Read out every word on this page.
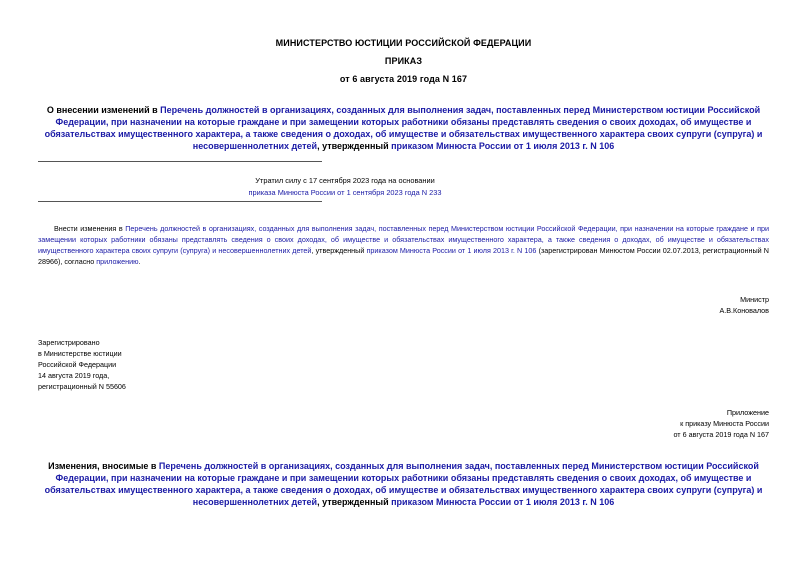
МИНИСТЕРСТВО ЮСТИЦИИ РОССИЙСКОЙ ФЕДЕРАЦИИ
ПРИКАЗ
от 6 августа 2019 года N 167
О внесении изменений в Перечень должностей в организациях, созданных для выполнения задач, поставленных перед Министерством юстиции Российской Федерации, при назначении на которые граждане и при замещении которых работники обязаны представлять сведения о своих доходах, об имуществе и обязательствах имущественного характера, а также сведения о доходах, об имуществе и обязательствах имущественного характера своих супруги (супруга) и несовершеннолетних детей, утвержденный приказом Минюста России от 1 июля 2013 г. N 106
Утратил силу с 17 сентября 2023 года на основании
приказа Минюста России от 1 сентября 2023 года N 233
Внести изменения в Перечень должностей в организациях, созданных для выполнения задач, поставленных перед Министерством юстиции Российской Федерации, при назначении на которые граждане и при замещении которых работники обязаны представлять сведения о своих доходах, об имуществе и обязательствах имущественного характера, а также сведения о доходах, об имуществе и обязательствах имущественного характера своих супруги (супруга) и несовершеннолетних детей, утвержденный приказом Минюста России от 1 июля 2013 г. N 106 (зарегистрирован Минюстом России 02.07.2013, регистрационный N 28966), согласно приложению.
Министр
А.В.Коновалов
Зарегистрировано
в Министерстве юстиции
Российской Федерации
14 августа 2019 года,
регистрационный N 55606
Приложение
к приказу Минюста России
от 6 августа 2019 года N 167
Изменения, вносимые в Перечень должностей в организациях, созданных для выполнения задач, поставленных перед Министерством юстиции Российской Федерации, при назначении на которые граждане и при замещении которых работники обязаны представлять сведения о своих доходах, об имуществе и обязательствах имущественного характера, а также сведения о доходах, об имуществе и обязательствах имущественного характера своих супруги (супруга) и несовершеннолетних детей, утвержденный приказом Минюста России от 1 июля 2013 г. N 106
